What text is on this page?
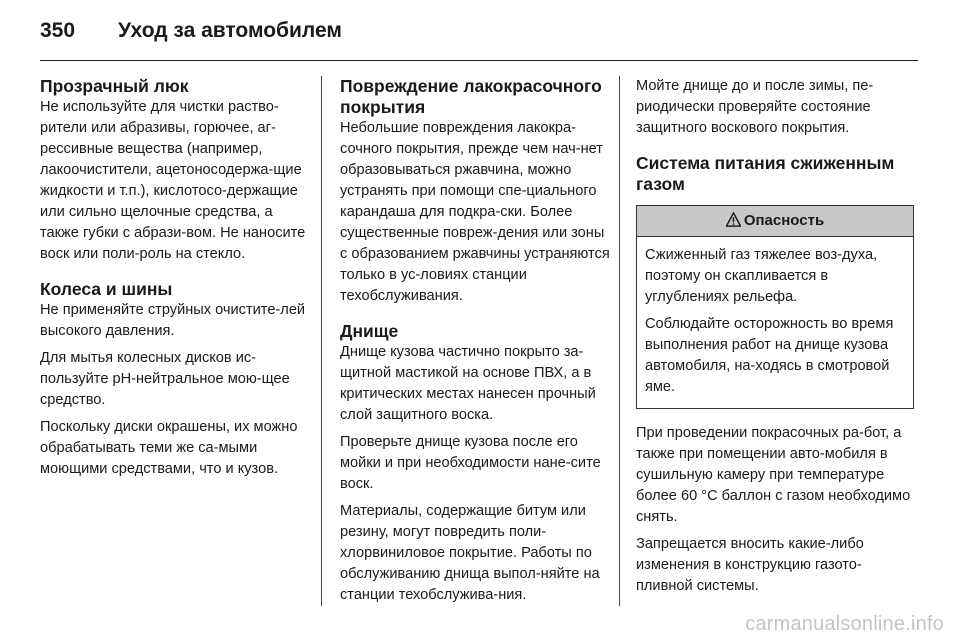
350 Уход за автомобилем
Прозрачный люк

Не используйте для чистки раство-рители или абразивы, горючее, аг-рессивные вещества (например, лакоочистители, ацетоносодержа-щие жидкости и т.п.), кислотосо-держащие или сильно щелочные средства, а также губки с абрази-вом. Не наносите воск или поли-роль на стекло.

Колеса и шины

Не применяйте струйных очистите-лей высокого давления.

Для мытья колесных дисков ис-пользуйте pH-нейтральное мою-щее средство.

Поскольку диски окрашены, их можно обрабатывать теми же са-мыми моющими средствами, что и кузов.

Повреждение лакокрасочного покрытия

Небольшие повреждения лакокра-сочного покрытия, прежде чем нач-нет образовываться ржавчина, можно устранять при помощи спе-циального карандаша для подкра-ски. Более существенные повреж-дения или зоны с образованием ржавчины устраняются только в ус-ловиях станции техобслуживания.

Днище

Днище кузова частично покрыто за-щитной мастикой на основе ПВХ, а в критических местах нанесен прочный слой защитного воска.

Проверьте днище кузова после его мойки и при необходимости нане-сите воск.

Материалы, содержащие битум или резину, могут повредить поли-хлорвиниловое покрытие. Работы по обслуживанию днища выпол-няйте на станции техобслужива-ния.

Мойте днище до и после зимы, пе-риодически проверяйте состояние защитного воскового покрытия.

Система питания сжиженным газом
Опасность

Сжиженный газ тяжелее воз-духа, поэтому он скапливается в углублениях рельефа.

Соблюдайте осторожность во время выполнения работ на днище кузова автомобиля, на-ходясь в смотровой яме.

При проведении покрасочных ра-бот, а также при помещении авто-мобиля в сушильную камеру при температуре более 60 °C баллон с газом необходимо снять.

Запрещается вносить какие-либо изменения в конструкцию газото-пливной системы.

carmanualsonline.info
